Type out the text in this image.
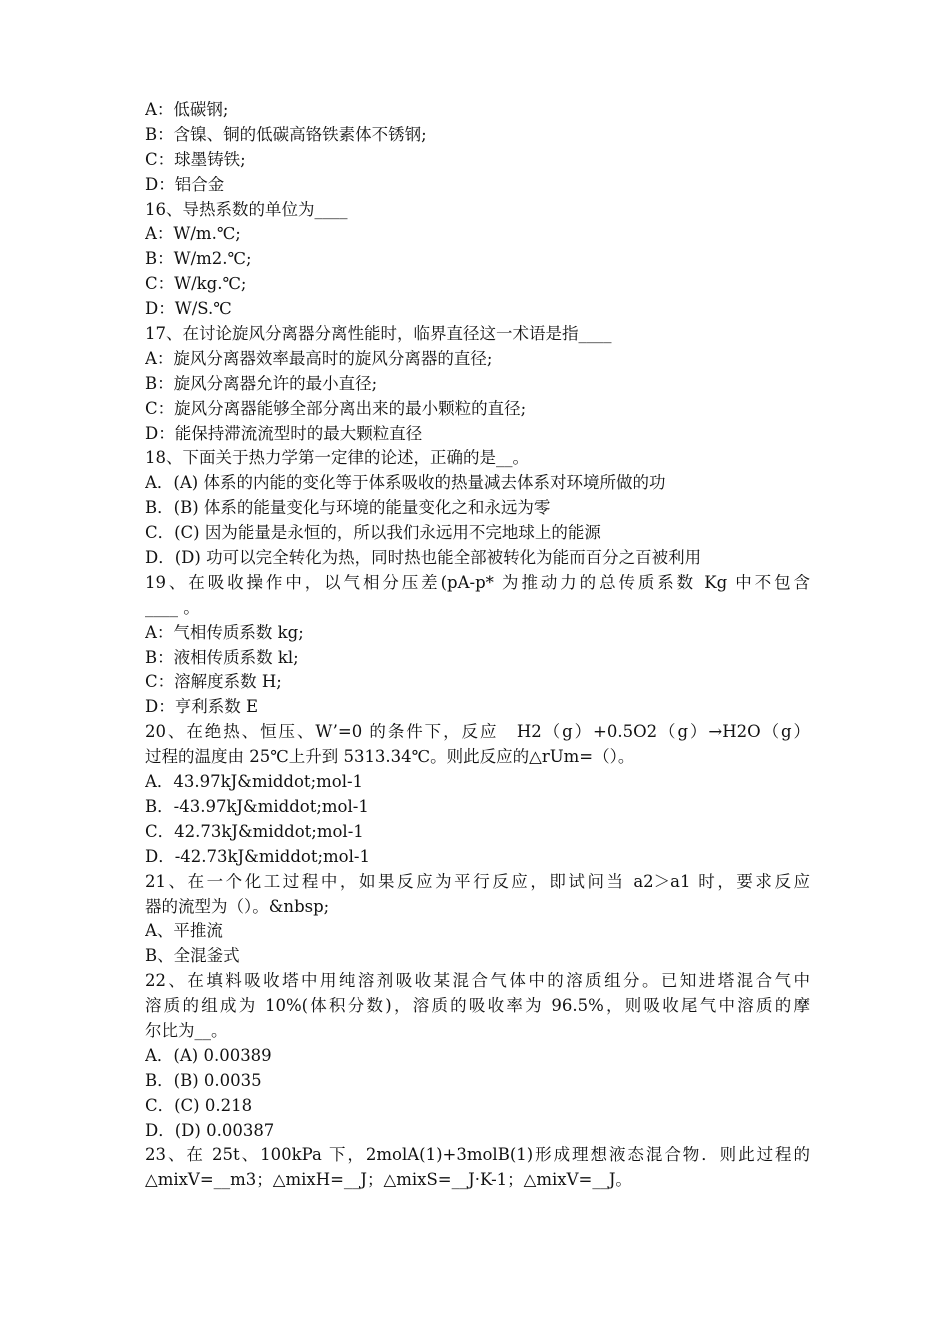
A：低碳钢;
B：含镍、铜的低碳高铬铁素体不锈钢;
C：球墨铸铁;
D：铝合金
16、导热系数的单位为____
A：W/m.℃;
B：W/m2.℃;
C：W/kg.℃;
D：W/S.℃
17、在讨论旋风分离器分离性能时，临界直径这一术语是指____
A：旋风分离器效率最高时的旋风分离器的直径;
B：旋风分离器允许的最小直径;
C：旋风分离器能够全部分离出来的最小颗粒的直径;
D：能保持滞流流型时的最大颗粒直径
18、下面关于热力学第一定律的论述，正确的是__。
A．(A) 体系的内能的变化等于体系吸收的热量减去体系对环境所做的功
B．(B) 体系的能量变化与环境的能量变化之和永远为零
C．(C) 因为能量是永恒的，所以我们永远用不完地球上的能源
D．(D) 功可以完全转化为热，同时热也能全部被转化为能而百分之百被利用
19、在吸收操作中，以气相分压差(pA-p* 为推动力的总传质系数 Kg 中不包含
____ 。
A：气相传质系数 kg;
B：液相传质系数 kl;
C：溶解度系数 H;
D：亨利系数 E
20、在绝热、恒压、W’=0 的条件下，反应　H2（g）+0.5O2（g）→H2O（g）
过程的温度由 25℃上升到 5313.34℃。则此反应的△rUm=（）。
A．43.97kJ&middot;mol-1
B．-43.97kJ&middot;mol-1
C．42.73kJ&middot;mol-1
D．-42.73kJ&middot;mol-1
21、在一个化工过程中，如果反应为平行反应，即试问当 a2＞a1 时，要求反应
器的流型为（）。&nbsp;
A、平推流
B、全混釜式
22、在填料吸收塔中用纯溶剂吸收某混合气体中的溶质组分。已知进塔混合气中
溶质的组成为 10%(体积分数)，溶质的吸收率为 96.5%，则吸收尾气中溶质的摩
尔比为__。
A．(A) 0.00389
B．(B) 0.0035
C．(C) 0.218
D．(D) 0.00387
23、在 25t、100kPa 下，2molA(1)+3molB(1)形成理想液态混合物．则此过程的
△mixV=__m3；△mixH=__J；△mixS=__J·K-1；△mixV=__J。
